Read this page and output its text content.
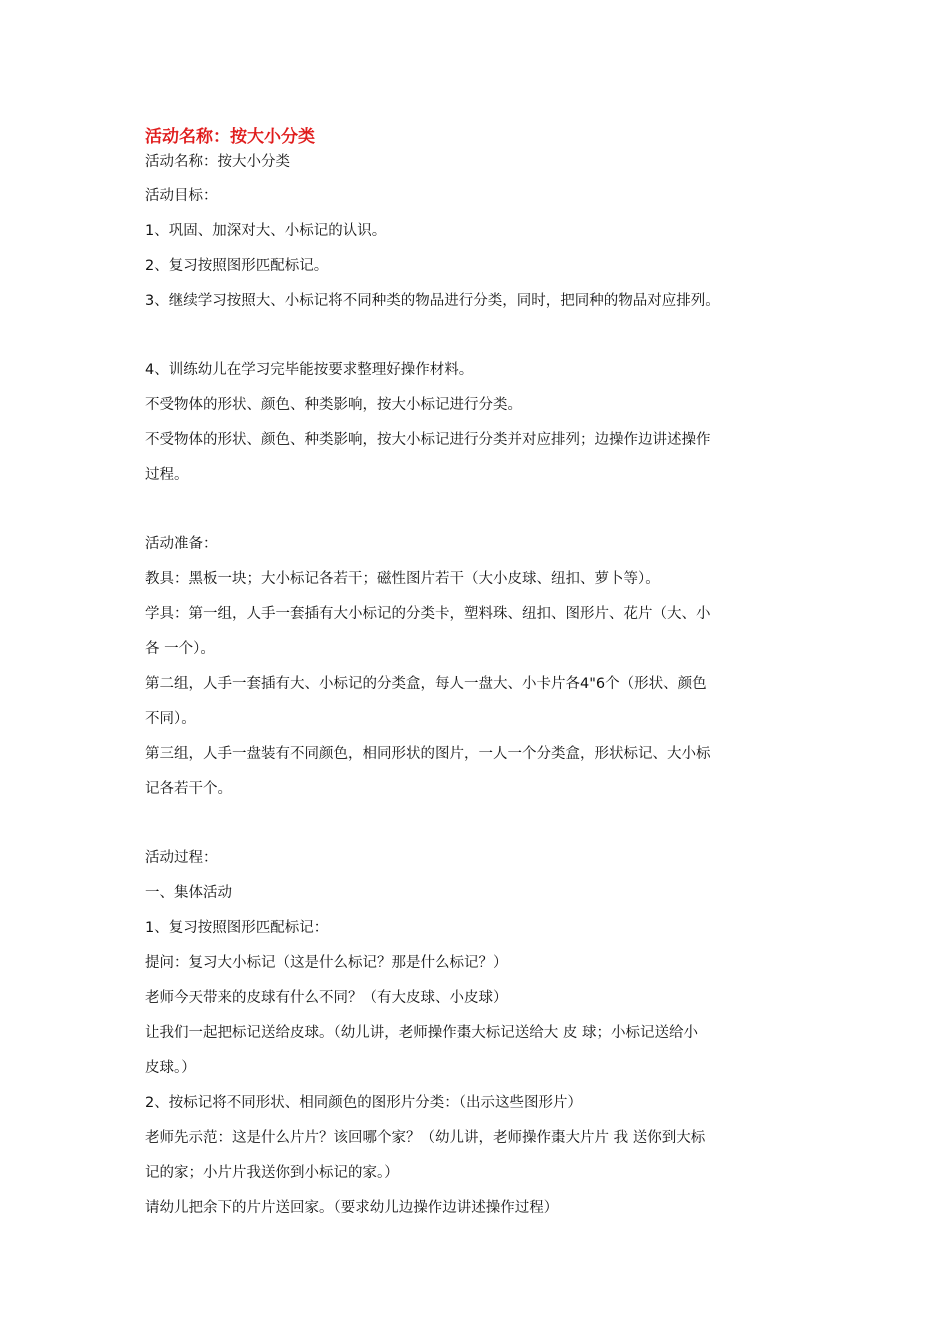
活动名称：按大小分类
活动名称：按大小分类
活动目标：
1、巩固、加深对大、小标记的认识。
2、复习按照图形匹配标记。
3、继续学习按照大、小标记将不同种类的物品进行分类，同时，把同种的物品对应排列。
4、训练幼儿在学习完毕能按要求整理好操作材料。
不受物体的形状、颜色、种类影响，按大小标记进行分类。
不受物体的形状、颜色、种类影响，按大小标记进行分类并对应排列；边操作边讲述操作
过程。
活动准备：
教具：黑板一块；大小标记各若干；磁性图片若干（大小皮球、纽扣、萝卜等）。
学具：第一组，人手一套插有大小标记的分类卡，塑料珠、纽扣、图形片、花片（大、小
各 一个）。
第二组，人手一套插有大、小标记的分类盒，每人一盘大、小卡片各4"6个（形状、颜色
不同）。
第三组，人手一盘装有不同颜色，相同形状的图片，一人一个分类盒，形状标记、大小标
记各若干个。
活动过程：
一、集体活动
1、复习按照图形匹配标记：
提问：复习大小标记（这是什么标记？那是什么标记？）
老师今天带来的皮球有什么不同？（有大皮球、小皮球）
让我们一起把标记送给皮球。（幼儿讲，老师操作棗大标记送给大 皮 球；小标记送给小
皮球。）
2、按标记将不同形状、相同颜色的图形片分类：（出示这些图形片）
老师先示范：这是什么片片？该回哪个家？（幼儿讲，老师操作棗大片片 我 送你到大标
记的家；小片片我送你到小标记的家。）
请幼儿把余下的片片送回家。（要求幼儿边操作边讲述操作过程）
